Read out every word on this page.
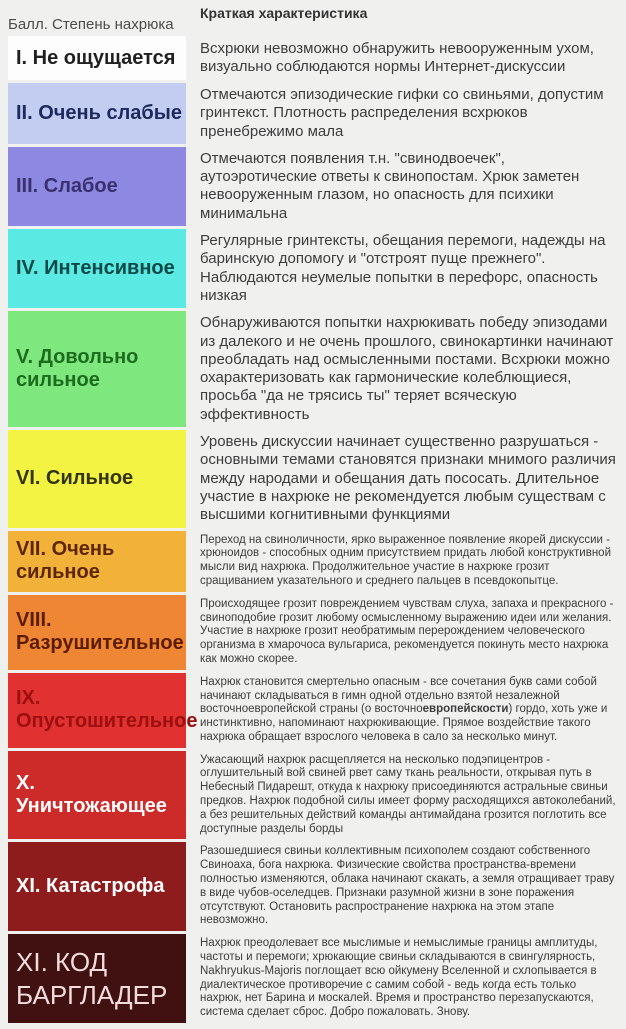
Балл. Степень нахрюка
Краткая характеристика
I. Не ощущается Всхрюки невозможно обнаружить невооруженным ухом, визуально соблюдаются нормы Интернет-дискуссии
II. Очень слабые
Отмечаются эпизодические гифки со свиньями, допустим гринтекст. Плотность распределения всхрюков пренебрежимо мала
III. Слабое
Отмечаются появления т.н. "свинодвоечек", аутоэротические ответы к свинопостам. Хрюк заметен невооруженным глазом, но опасность для психики минимальна
IV. Интенсивное
Регулярные гринтексты, обещания перемоги, надежды на баринскую допомогу и "отстроят пуще прежнего". Наблюдаются неумелые попытки в перефорс, опасность низкая
V. Довольно сильное
Обнаруживаются попытки нахрюкивать победу эпизодами из далекого и не очень прошлого, свинокартинки начинают преобладать над осмысленными постами. Всхрюки можно охарактеризовать как гармонические колеблющиеся, просьба "да не трясись ты" теряет всяческую эффективность
VI. Сильное
Уровень дискуссии начинает существенно разрушаться - основными темами становятся признаки мнимого различия между народами и обещания дать пососать. Длительное участие в нахрюке не рекомендуется любым существам с высшими когнитивными функциями
VII. Очень сильное
Переход на свиноличности, ярко выраженное появление якорей дискуссии - хрюноидов - способных одним присутствием придать любой конструктивной мысли вид нахрюка. Продолжительное участие в нахрюке грозит сращиванием указательного и среднего пальцев в псевдокопытце.
VIII. Разрушительное
Происходящее грозит повреждением чувствам слуха, запаха и прекрасного - свиноподобие грозит любому осмысленному выражению идеи или желания. Участие в нахрюке грозит необратимым перерождением человеческого организма в хмарочоса вульгариса, рекомендуется покинуть место нахрюка как можно скорее.
IX. Опустошительное
Нахрюк становится смертельно опасным - все сочетания букв сами собой начинают складываться в гимн одной отдельно взятой незалежной восточноевропейской страны (о восточноевропейскости) гордо, хоть уже и инстинктивно, напоминают нахрюкивающие. Прямое воздействие такого нахрюка обращает взрослого человека в сало за несколько минут.
X. Уничтожающее
Ужасающий нахрюк расщепляется на несколько подэпицентров - оглушительный вой свиней рвет саму ткань реальности, открывая путь в Небесный Пидарешт, откуда к нахрюку присоединяются астральные свиньи предков. Нахрюк подобной силы имеет форму расходящихся автоколебаний, а без решительных действий команды антимайдана грозится поглотить все доступные разделы борды
XI. Катастрофа
Разошедшиеся свиньи коллективным психополем создают собственного Свиноаха, бога нахрюка. Физические свойства пространства-времени полностью изменяются, облака начинают скакать, а земля отращивает траву в виде чубов-оселедцев. Признаки разумной жизни в зоне поражения отсутствуют. Остановить распространение нахрюка на этом этапе невозможно.
XI. КОД БАРГЛАДЕР
Нахрюк преодолевает все мыслимые и немыслимые границы амплитуды, частоты и перемоги; хрюкающие свиньи складываются в свингулярность, Nakhryukus-Majoris поглощает всю ойкумену Вселенной и схлопывается в диалектическое противоречие с самим собой - ведь когда есть только нахрюк, нет Барина и москалей. Время и пространство перезапускаются, система сделает сброс. Добро пожаловать. Знову.
